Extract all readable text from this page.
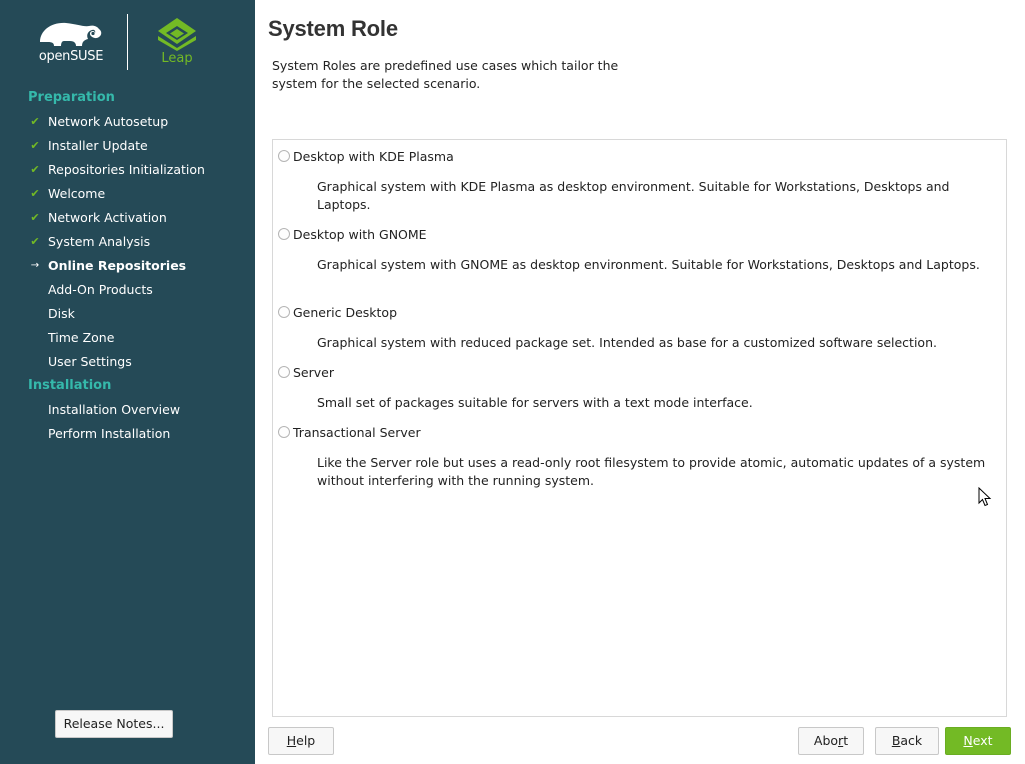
openSUSE	Leap
Preparation
✔ Network Autosetup
✔ Installer Update
✔ Repositories Initialization
✔ Welcome
✔ Network Activation
✔ System Analysis
→ Online Repositories
Add-On Products
Disk
Time Zone
User Settings
Installation
Installation Overview
Perform Installation
Release Notes...
System Role
System Roles are predefined use cases which tailor the system for the selected scenario.
Desktop with KDE Plasma
Graphical system with KDE Plasma as desktop environment. Suitable for Workstations, Desktops and Laptops.
Desktop with GNOME
Graphical system with GNOME as desktop environment. Suitable for Workstations, Desktops and Laptops.
Generic Desktop
Graphical system with reduced package set. Intended as base for a customized software selection.
Server
Small set of packages suitable for servers with a text mode interface.
Transactional Server
Like the Server role but uses a read-only root filesystem to provide atomic, automatic updates of a system without interfering with the running system.
Help	Abort	Back	Next
